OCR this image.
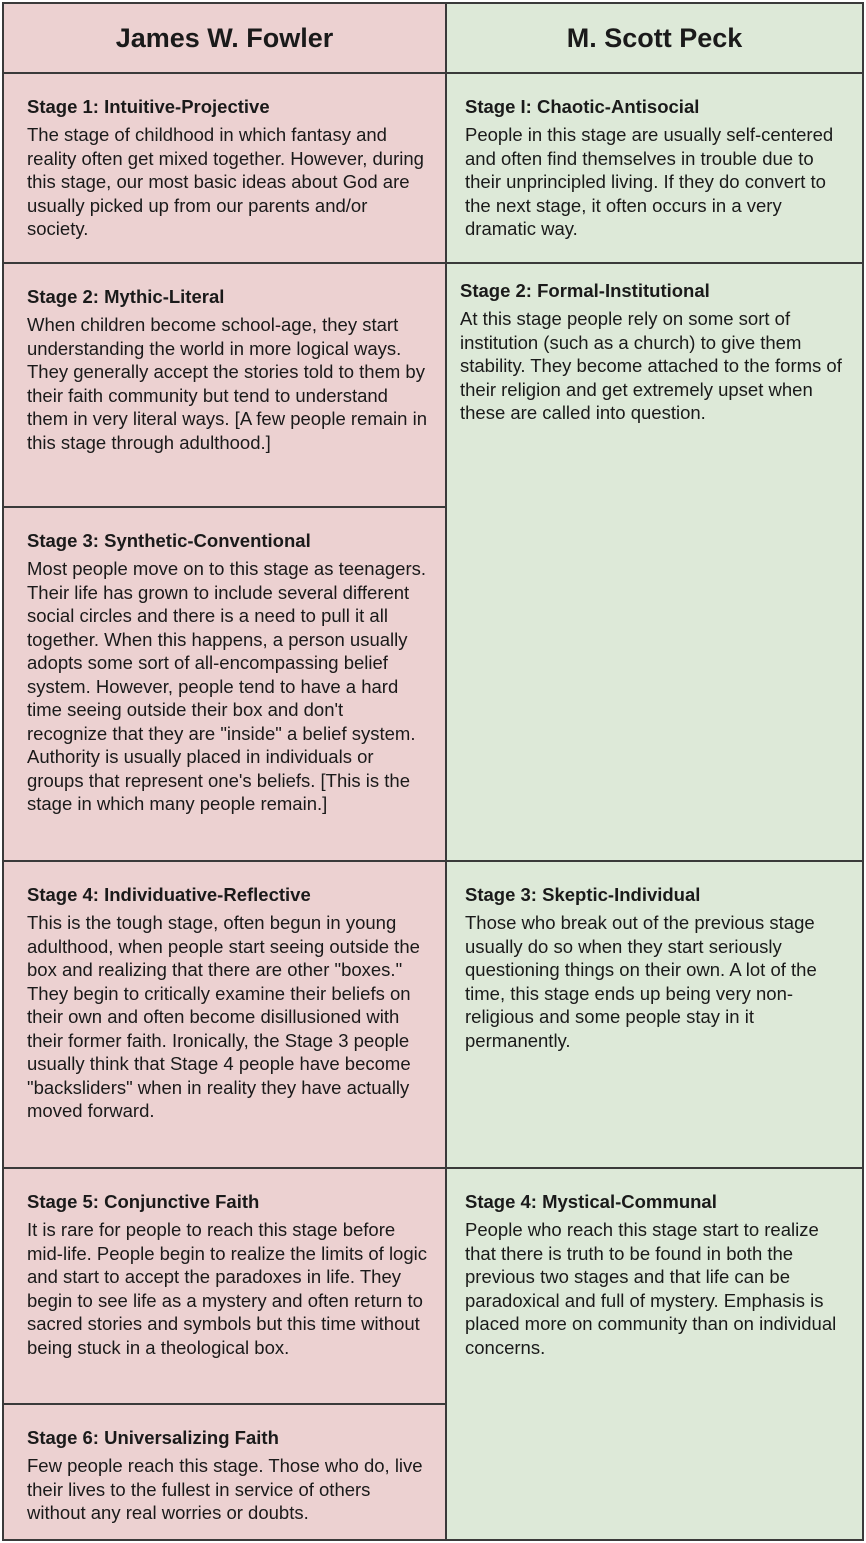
James W. Fowler	M. Scott Peck
Stage 1: Intuitive-Projective
The stage of childhood in which fantasy and reality often get mixed together. However, during this stage, our most basic ideas about God are usually picked up from our parents and/or society.
Stage 2: Mythic-Literal
When children become school-age, they start understanding the world in more logical ways. They generally accept the stories told to them by their faith community but tend to understand them in very literal ways. [A few people remain in this stage through adulthood.]
Stage 3: Synthetic-Conventional
Most people move on to this stage as teenagers. Their life has grown to include several different social circles and there is a need to pull it all together. When this happens, a person usually adopts some sort of all-encompassing belief system. However, people tend to have a hard time seeing outside their box and don't recognize that they are "inside" a belief system. Authority is usually placed in individuals or groups that represent one's beliefs. [This is the stage in which many people remain.]
Stage 4: Individuative-Reflective
This is the tough stage, often begun in young adulthood, when people start seeing outside the box and realizing that there are other "boxes." They begin to critically examine their beliefs on their own and often become disillusioned with their former faith. Ironically, the Stage 3 people usually think that Stage 4 people have become "backsliders" when in reality they have actually moved forward.
Stage 5: Conjunctive Faith
It is rare for people to reach this stage before mid-life. People begin to realize the limits of logic and start to accept the paradoxes in life. They begin to see life as a mystery and often return to sacred stories and symbols but this time without being stuck in a theological box.
Stage 6: Universalizing Faith
Few people reach this stage. Those who do, live their lives to the fullest in service of others without any real worries or doubts.
Stage I: Chaotic-Antisocial
People in this stage are usually self-centered and often find themselves in trouble due to their unprincipled living. If they do convert to the next stage, it often occurs in a very dramatic way.
Stage 2: Formal-Institutional
At this stage people rely on some sort of institution (such as a church) to give them stability. They become attached to the forms of their religion and get extremely upset when these are called into question.
Stage 3: Skeptic-Individual
Those who break out of the previous stage usually do so when they start seriously questioning things on their own. A lot of the time, this stage ends up being very non-religious and some people stay in it permanently.
Stage 4: Mystical-Communal
People who reach this stage start to realize that there is truth to be found in both the previous two stages and that life can be paradoxical and full of mystery. Emphasis is placed more on community than on individual concerns.
